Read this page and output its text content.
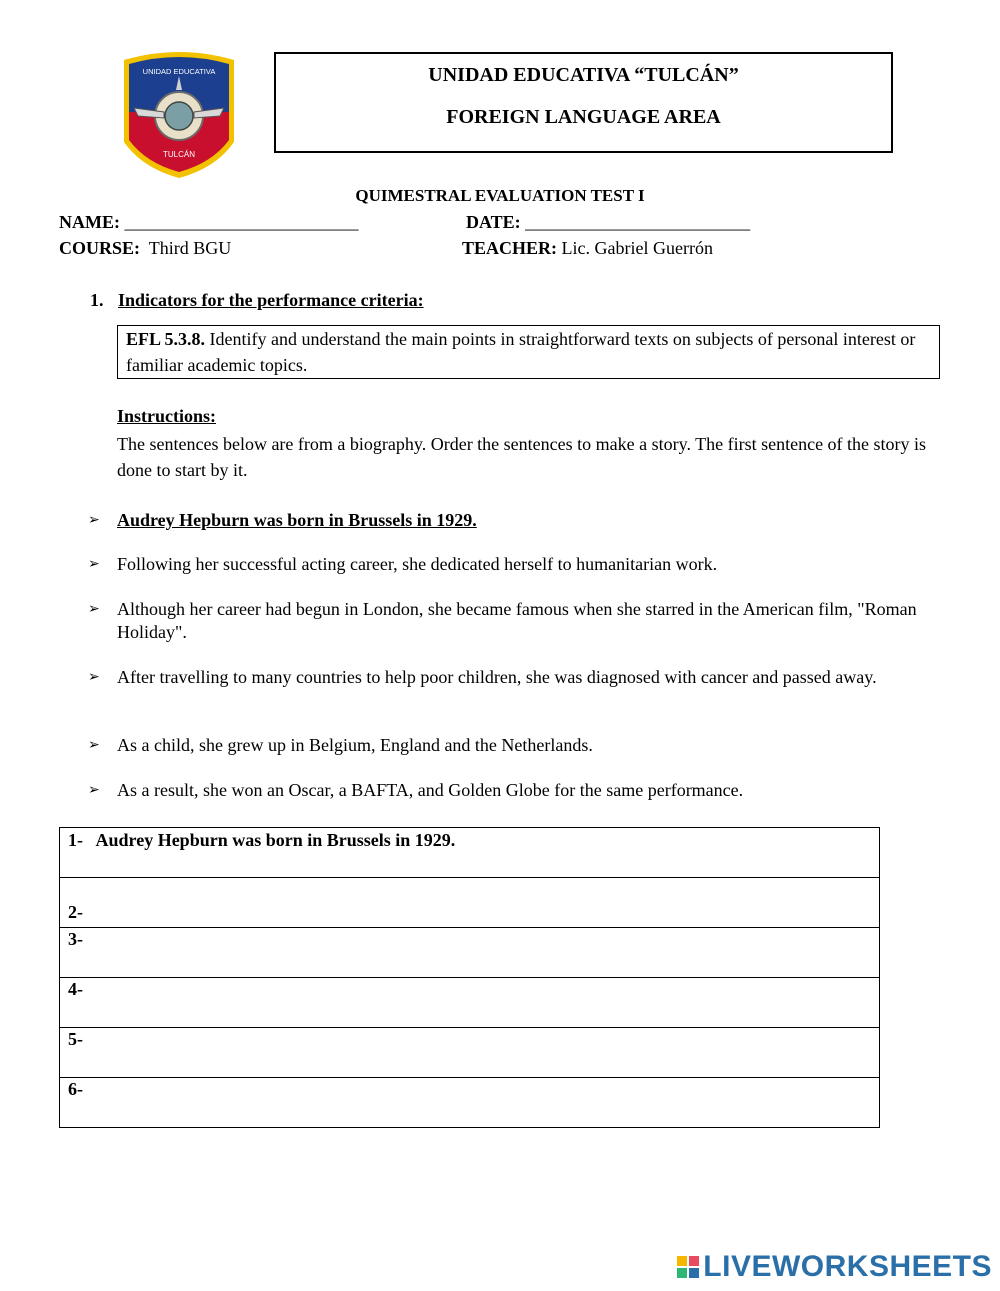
UNIDAD EDUCATIVA
TULCÁN
UNIDAD EDUCATIVA “TULCÁN”
FOREIGN LANGUAGE AREA
QUIMESTRAL EVALUATION TEST I
NAME: __________________________	DATE: _________________________
COURSE: Third BGU	TEACHER: Lic. Gabriel Guerrón
1. Indicators for the performance criteria:
EFL 5.3.8. Identify and understand the main points in straightforward texts on subjects of personal interest or familiar academic topics.
Instructions:
The sentences below are from a biography. Order the sentences to make a story. The first sentence of the story is done to start by it.
➢ Audrey Hepburn was born in Brussels in 1929.
➢ Following her successful acting career, she dedicated herself to humanitarian work.
➢ Although her career had begun in London, she became famous when she starred in the American film, "Roman Holiday".
➢ After travelling to many countries to help poor children, she was diagnosed with cancer and passed away.
➢ As a child, she grew up in Belgium, England and the Netherlands.
➢ As a result, she won an Oscar, a BAFTA, and Golden Globe for the same performance.
1- Audrey Hepburn was born in Brussels in 1929.
2-
3-
4-
5-
6-
LIVEWORKSHEETS
